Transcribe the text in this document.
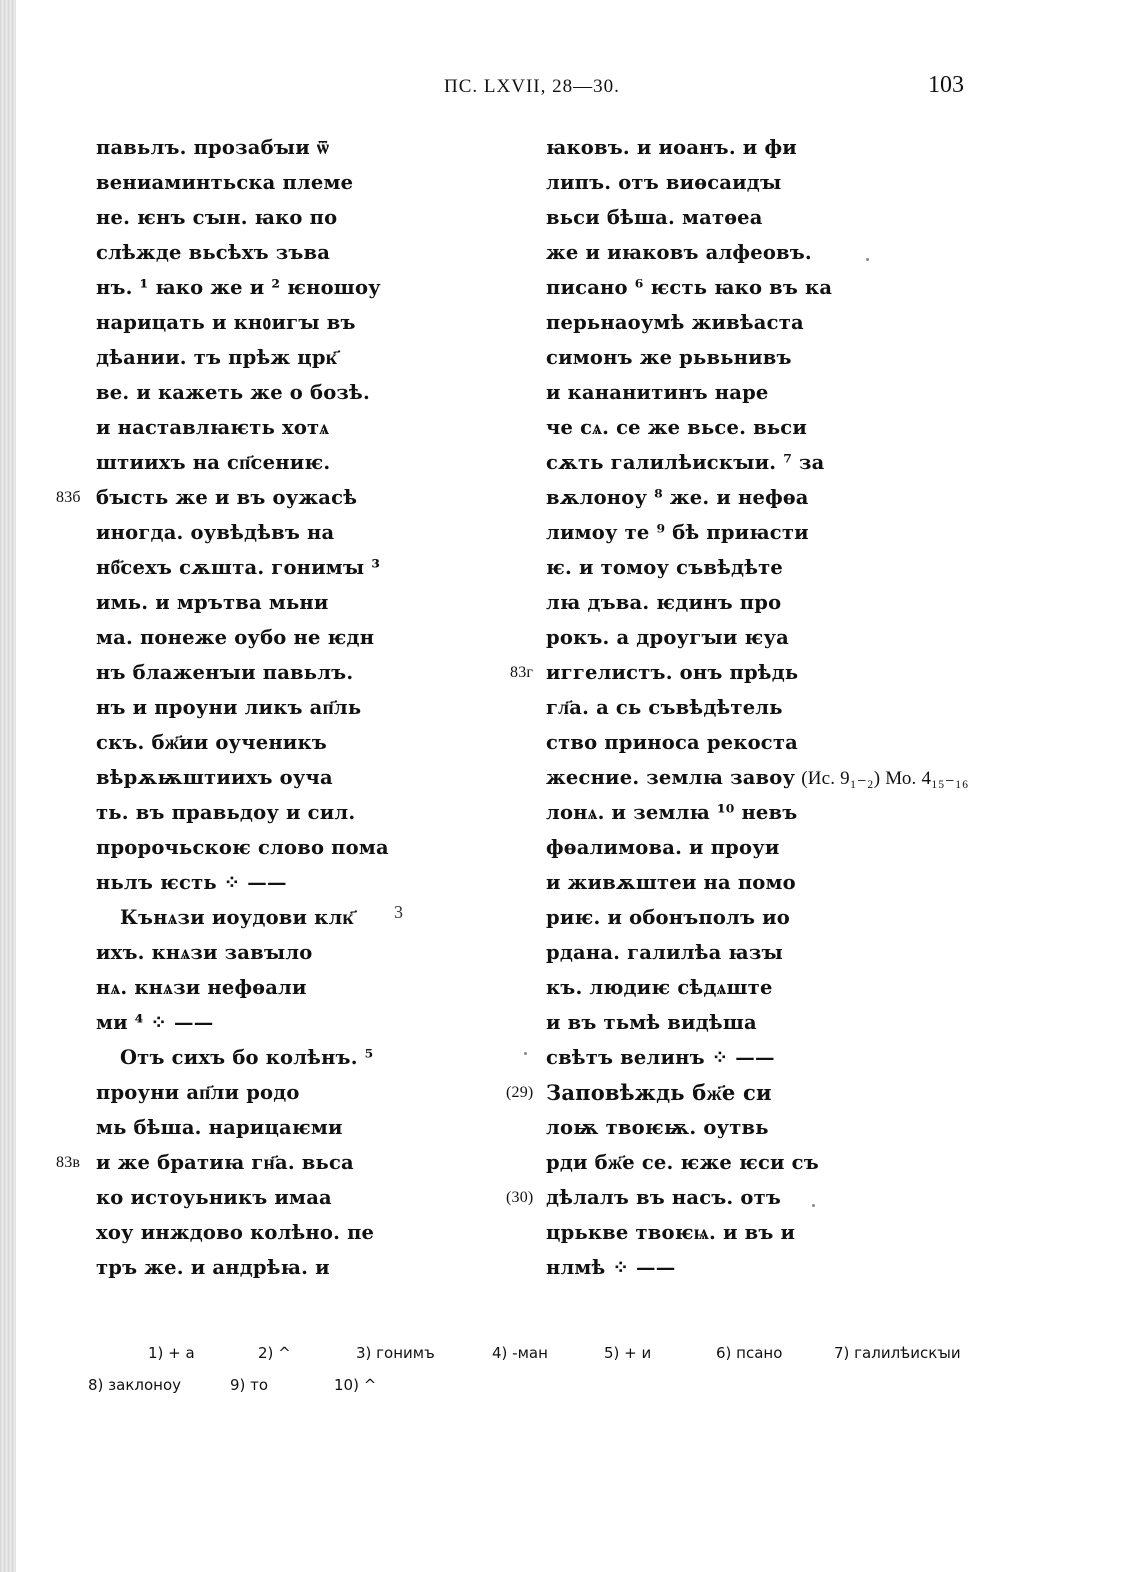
ПС. LXVII, 28—30.	103
павьлъ. прозабꙑи ѿ
вениаминтьска племе
не. ѥнъ сꙑн. ꙗко по
слѣжде вьсѣхъ зъва
нъ. ¹ ꙗко же и ² ѥношоу
нарицать и кнᲂигꙑ въ
дѣании. тъ прѣж црк҃
ве. и кажеть же о бозѣ.
и наставлꙗѥть хотѧ
штиихъ на сп҃сениѥ.
83б бꙑсть же и въ оужасѣ
иногда. оувѣдѣвъ на
нб҃сехъ сѫшта. гонимꙑ ³
имь. и мрътва мьни
ма. понеже оубо не ѥдн
нъ блаженꙑи павьлъ.
нъ и проуни ликъ ап҃ль
скъ. бж҃ии оученикъ
вѣрѫѭштиихъ оуча
ть. въ правьдоу и сил.
пророчьскоѥ слово пома
ньлъ ѥсть ⁘ ——
Кънѧзи иоудови клк҃
ихъ. кнѧзи завꙑло
нѧ. кнѧзи нефѳали
ми ⁴ ⁘ ——
Отъ сихъ бо колѣнъ. ⁵
проуни ап҃ли родо
мь бѣша. нарицаѥми
83в и же братиꙗ гн҃а. вьса
ко истоуьникъ имаа
хоу инждово колѣно. пе
тръ же. и андрѣꙗ. и
ꙗковъ. и иоанъ. и фи
липъ. отъ виѳсаидꙑ
вьси бѣша. матѳеа
же и иꙗковъ алфеовъ.
писано ⁶ ѥсть ꙗко въ ка
перьнаоумѣ живѣаста
симонъ же рьвьнивъ
и кананитинъ наре
че сѧ. се же вьсе. вьси
сѫть галилѣискꙑи. ⁷ за
вѫлоноу ⁸ же. и нефѳа
лимоу те ⁹ бѣ приꙗсти
ѥ. и томоу съвѣдѣте
лꙗ дъва. ѥдинъ про
рокъ. а дроугꙑи ѥуа
83г иггелистъ. онъ прѣдь
гл҃а. а сь съвѣдѣтель
ство приноса рекоста
жесние. землꙗ завоу (Ис. 9₁₋₂) Мо. 4₁₅₋₁₆
лонѧ. и землꙗ ¹⁰ невъ
фѳалимова. и проуи
и живѫштеи на помо
риѥ. и обонъполъ ио
рдана. галилѣа ꙗзꙑ
къ. людиѥ сѣдѧште
и въ тьмѣ видѣша
свѣтъ велинъ ⁘ ——
(29) Заповѣждь бж҃е си
лоѭ твоѥѭ. оутвь
рди бж҃е се. ѥже ѥси съ
(30) дѣлалъ въ насъ. отъ
црькве твоѥѩ. и въ и
нлмѣ ⁘ ——
3
1) + а	2) ^	3) гонимъ	4) -ман	5) + и	6) псано	7) галилѣискꙑи
8) заклоноу	9) то	10) ^
